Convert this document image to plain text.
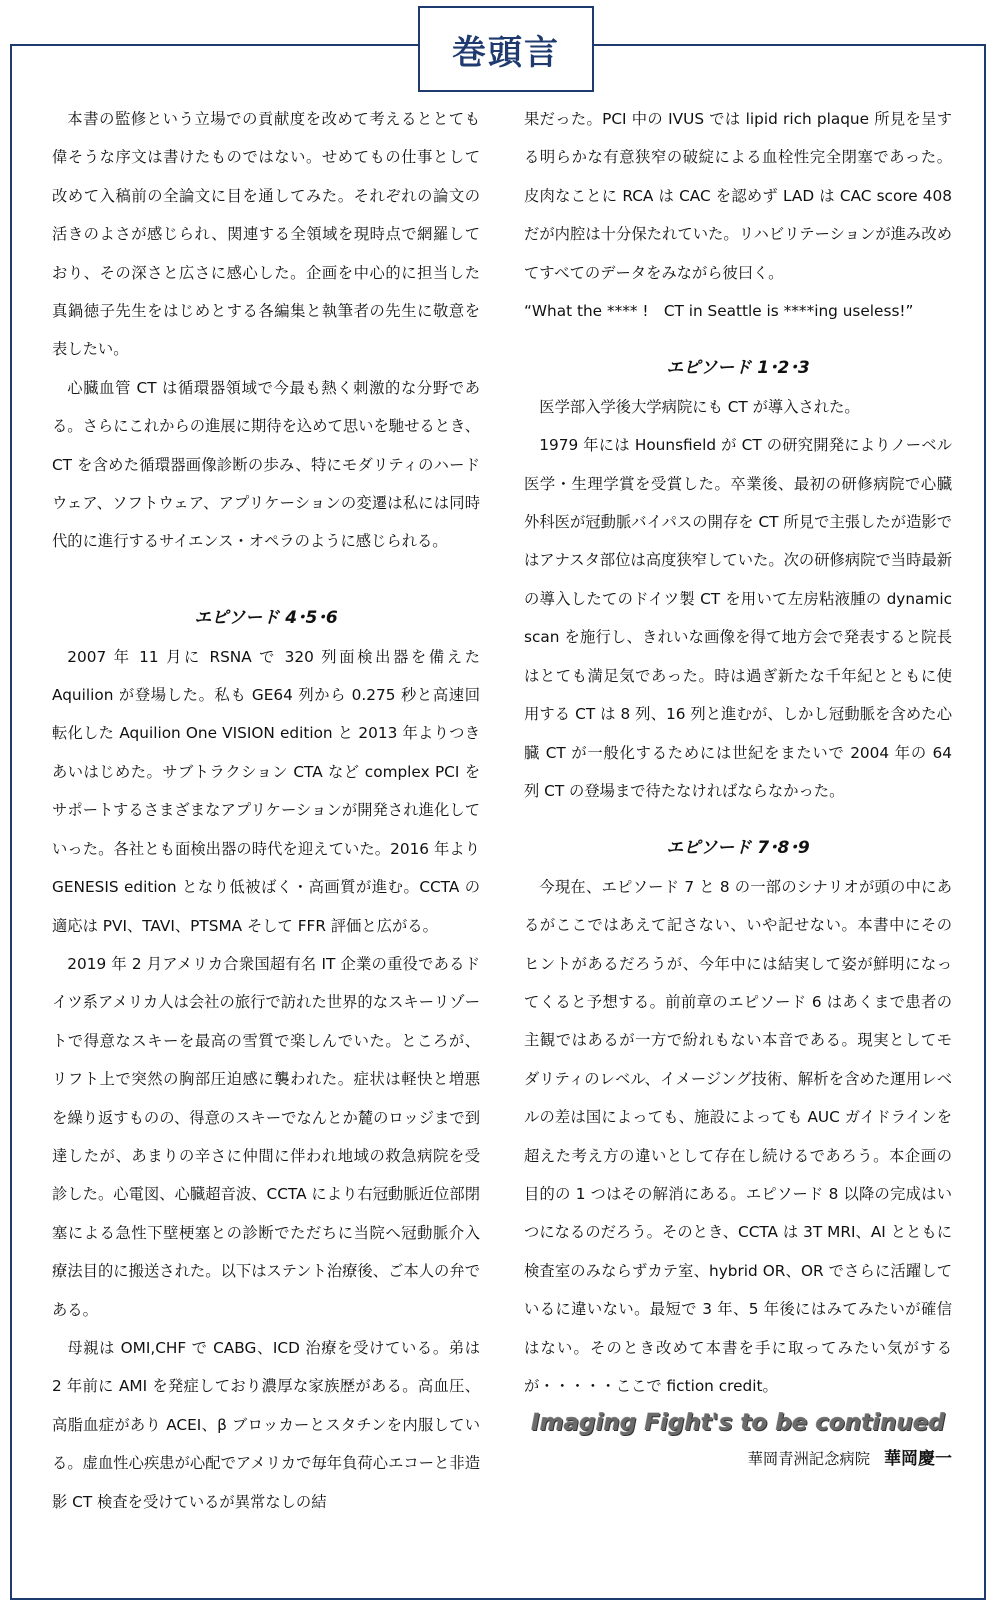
巻頭言

本書の監修という立場での貢献度を改めて考えるととても偉そうな序文は書けたものではない。せめてもの仕事として改めて入稿前の全論文に目を通してみた。それぞれの論文の活きのよさが感じられ、関連する全領域を現時点で網羅しており、その深さと広さに感心した。企画を中心的に担当した真鍋徳子先生をはじめとする各編集と執筆者の先生に敬意を表したい。

心臓血管 CT は循環器領域で今最も熱く刺激的な分野である。さらにこれからの進展に期待を込めて思いを馳せるとき、CT を含めた循環器画像診断の歩み、特にモダリティのハードウェア、ソフトウェア、アプリケーションの変遷は私には同時代的に進行するサイエンス・オペラのように感じられる。

エピソード 4･5･6

2007 年 11 月に RSNA で 320 列面検出器を備えた Aquilion が登場した。私も GE64 列から 0.275 秒と高速回転化した Aquilion One VISION edition と 2013 年よりつきあいはじめた。サブトラクション CTA など complex PCI をサポートするさまざまなアプリケーションが開発され進化していった。各社とも面検出器の時代を迎えていた。2016 年より GENESIS edition となり低被ばく・高画質が進む。CCTA の適応は PVI、TAVI、PTSMA そして FFR 評価と広がる。

2019 年 2 月アメリカ合衆国超有名 IT 企業の重役であるドイツ系アメリカ人は会社の旅行で訪れた世界的なスキーリゾートで得意なスキーを最高の雪質で楽しんでいた。ところが、リフト上で突然の胸部圧迫感に襲われた。症状は軽快と増悪を繰り返すものの、得意のスキーでなんとか麓のロッジまで到達したが、あまりの辛さに仲間に伴われ地域の救急病院を受診した。心電図、心臓超音波、CCTA により右冠動脈近位部閉塞による急性下壁梗塞との診断でただちに当院へ冠動脈介入療法目的に搬送された。以下はステント治療後、ご本人の弁である。

母親は OMI,CHF で CABG、ICD 治療を受けている。弟は 2 年前に AMI を発症しており濃厚な家族歴がある。高血圧、高脂血症があり ACEI、β ブロッカーとスタチンを内服している。虚血性心疾患が心配でアメリカで毎年負荷心エコーと非造影 CT 検査を受けているが異常なしの結

果だった。PCI 中の IVUS では lipid rich plaque 所見を呈する明らかな有意狭窄の破綻による血栓性完全閉塞であった。皮肉なことに RCA は CAC を認めず LAD は CAC score 408 だが内腔は十分保たれていた。リハビリテーションが進み改めてすべてのデータをみながら彼曰く。

“What the **** !　CT in Seattle is ****ing useless!”

エピソード 1･2･3

医学部入学後大学病院にも CT が導入された。

1979 年には Hounsfield が CT の研究開発によりノーベル医学・生理学賞を受賞した。卒業後、最初の研修病院で心臓外科医が冠動脈バイパスの開存を CT 所見で主張したが造影ではアナスタ部位は高度狭窄していた。次の研修病院で当時最新の導入したてのドイツ製 CT を用いて左房粘液腫の dynamic scan を施行し、きれいな画像を得て地方会で発表すると院長はとても満足気であった。時は過ぎ新たな千年紀とともに使用する CT は 8 列、16 列と進むが、しかし冠動脈を含めた心臓 CT が一般化するためには世紀をまたいで 2004 年の 64 列 CT の登場まで待たなければならなかった。

エピソード 7･8･9

今現在、エピソード 7 と 8 の一部のシナリオが頭の中にあるがここではあえて記さない、いや記せない。本書中にそのヒントがあるだろうが、今年中には結実して姿が鮮明になってくると予想する。前前章のエピソード 6 はあくまで患者の主観ではあるが一方で紛れもない本音である。現実としてモダリティのレベル、イメージング技術、解析を含めた運用レベルの差は国によっても、施設によっても AUC ガイドラインを超えた考え方の違いとして存在し続けるであろう。本企画の目的の 1 つはその解消にある。エピソード 8 以降の完成はいつになるのだろう。そのとき、CCTA は 3T MRI、AI とともに検査室のみならずカテ室、hybrid OR、OR でさらに活躍しているに違いない。最短で 3 年、5 年後にはみてみたいが確信はない。そのとき改めて本書を手に取ってみたい気がするが・・・・・ここで fiction credit。

Imaging Fight's to be continued

華岡青洲記念病院 華岡慶一
